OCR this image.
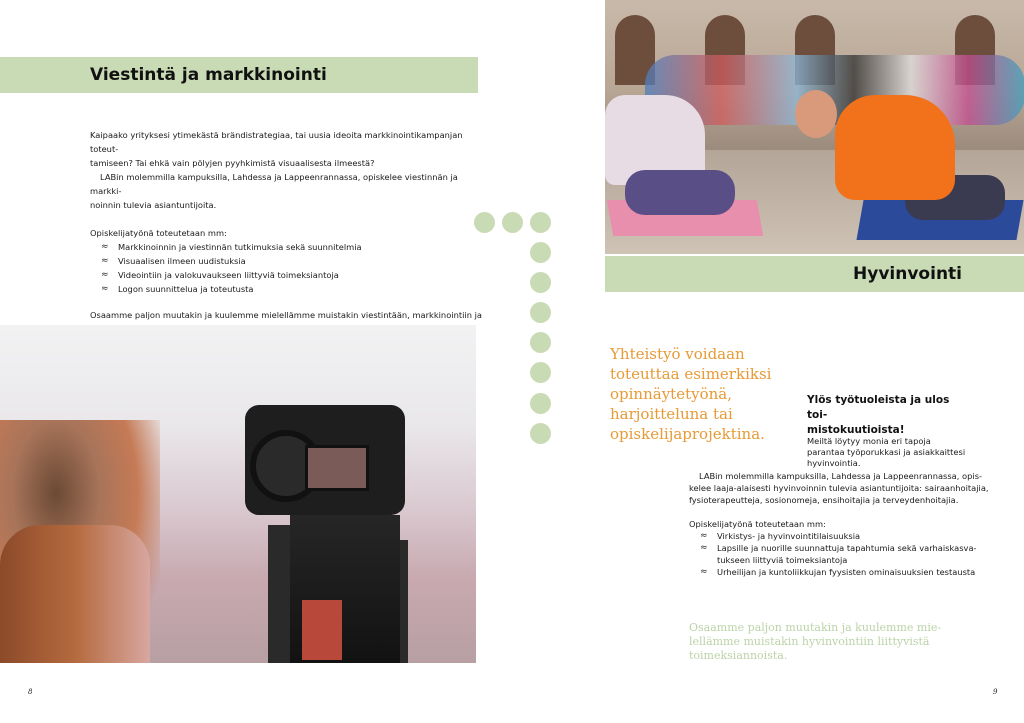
Viestintä ja markkinointi

Kaipaako yrityksesi ytimekästä brändistrategiaa, tai uusia ideoita markkinointikampanjan toteut-

tamiseen? Tai ehkä vain pölyjen pyyhkimistä visuaalisesta ilmeestä?

LABin molemmilla kampuksilla, Lahdessa ja Lappeenrannassa, opiskelee viestinnän ja markki-

noinnin tulevia asiantuntijoita.

Opiskelijatyönä toteutetaan mm:

≈ Markkinoinnin ja viestinnän tutkimuksia sekä suunnitelmia
≈ Visuaalisen ilmeen uudistuksia
≈ Videointiin ja valokuvaukseen liittyviä toimeksiantoja
≈ Logon suunnittelua ja toteutusta

Osaamme paljon muutakin ja kuulemme mielellämme muistakin viestintään, markkinointiin ja

8
Hyvinvointi
Yhteistyö voidaan
toteuttaa esimerkiksi
opinnäytetyönä,
harjoitteluna tai
opiskelijaprojektina.
Ylös työtuoleista ja ulos toi-
mistokuutioista!

Meiltä löytyy monia eri tapoja

parantaa työporukkasi ja asiakkaittesi

hyvinvointia.

LABin molemmilla kampuksilla, Lahdessa ja Lappeenrannassa, opis-

kelee laaja-alaisesti hyvinvoinnin tulevia asiantuntijoita: sairaanhoitajia,

fysioterapeutteja, sosionomeja, ensihoitajia ja terveydenhoitajia.

Opiskelijatyönä toteutetaan mm:

≈ Virkistys- ja hyvinvointitilaisuuksia
≈ Lapsille ja nuorille suunnattuja tapahtumia sekä varhaiskasva-
tukseen liittyviä toimeksiantoja
≈ Urheilijan ja kuntoliikkujan fyysisten ominaisuuksien testausta
Osaamme paljon muutakin ja kuulemme mie-
lellämme muistakin hyvinvointiin liittyvistä
toimeksiannoista.
9
